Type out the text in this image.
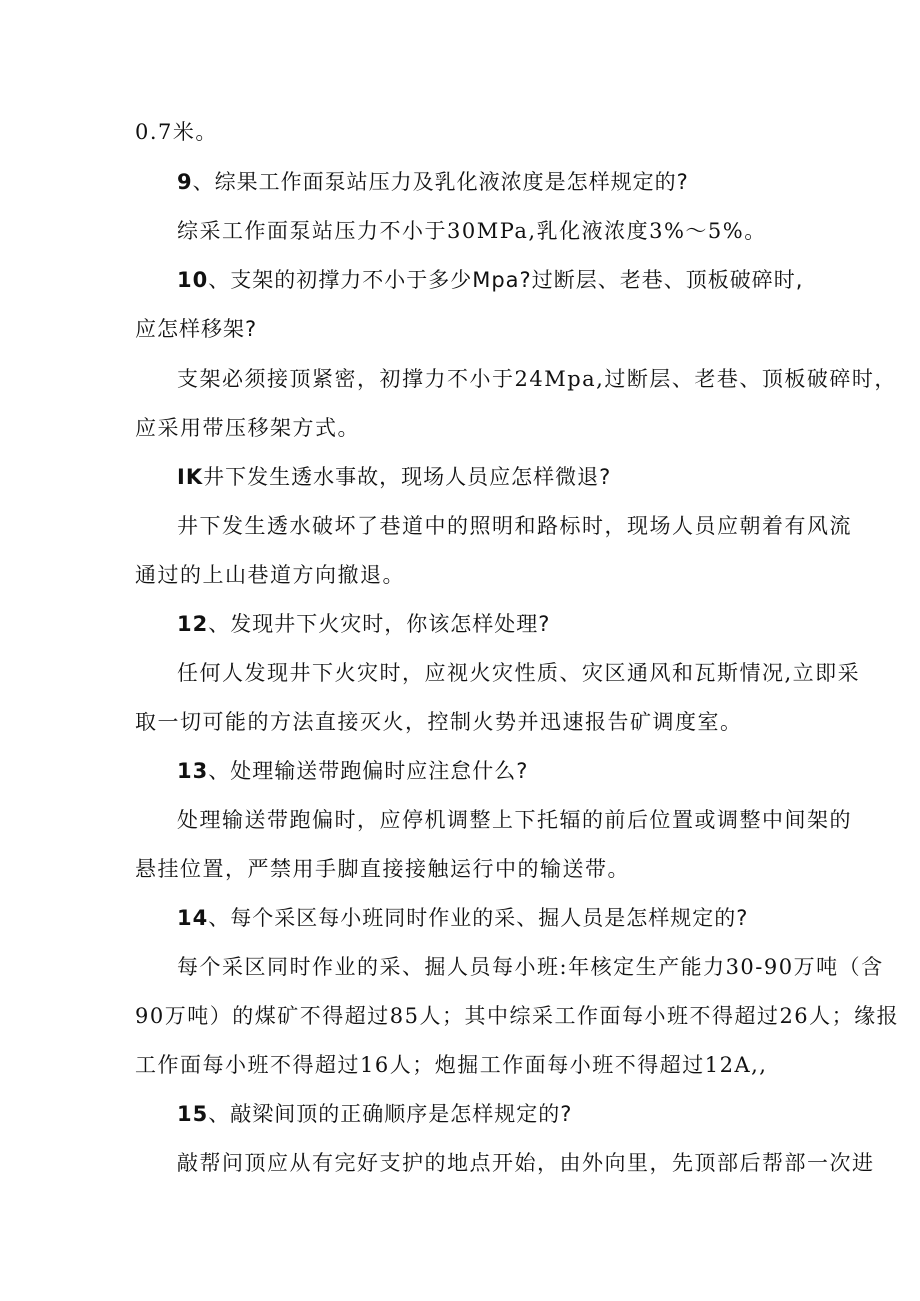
0.7米。
9、综果工作面泵站压力及乳化液浓度是怎样规定的?
综采工作面泵站压力不小于30MPa,乳化液浓度3%～5%。
10、支架的初撑力不小于多少Mpa?过断层、老巷、顶板破碎时,
应怎样移架?
支架必须接顶紧密，初撑力不小于24Mpa,过断层、老巷、顶板破碎时，
应采用带压移架方式。
IK井下发生透水事故，现场人员应怎样微退?
井下发生透水破坏了巷道中的照明和路标时，现场人员应朝着有风流
通过的上山巷道方向撤退。
12、发现井下火灾时，你该怎样处理?
任何人发现井下火灾时，应视火灾性质、灾区通风和瓦斯情况,立即采
取一切可能的方法直接灭火，控制火势并迅速报告矿调度室。
13、处理输送带跑偏时应注怠什么?
处理输送带跑偏时，应停机调整上下托辐的前后位置或调整中间架的
悬挂位置，严禁用手脚直接接触运行中的输送带。
14、每个采区每小班同时作业的采、掘人员是怎样规定的?
每个采区同时作业的采、掘人员每小班:年核定生产能力30-90万吨（含
90万吨）的煤矿不得超过85人；其中综采工作面每小班不得超过26人；缘报
工作面每小班不得超过16人；炮掘工作面每小班不得超过12A,,
15、敲梁间顶的正确顺序是怎样规定的?
敲帮问顶应从有完好支护的地点开始，由外向里，先顶部后帮部一次进
